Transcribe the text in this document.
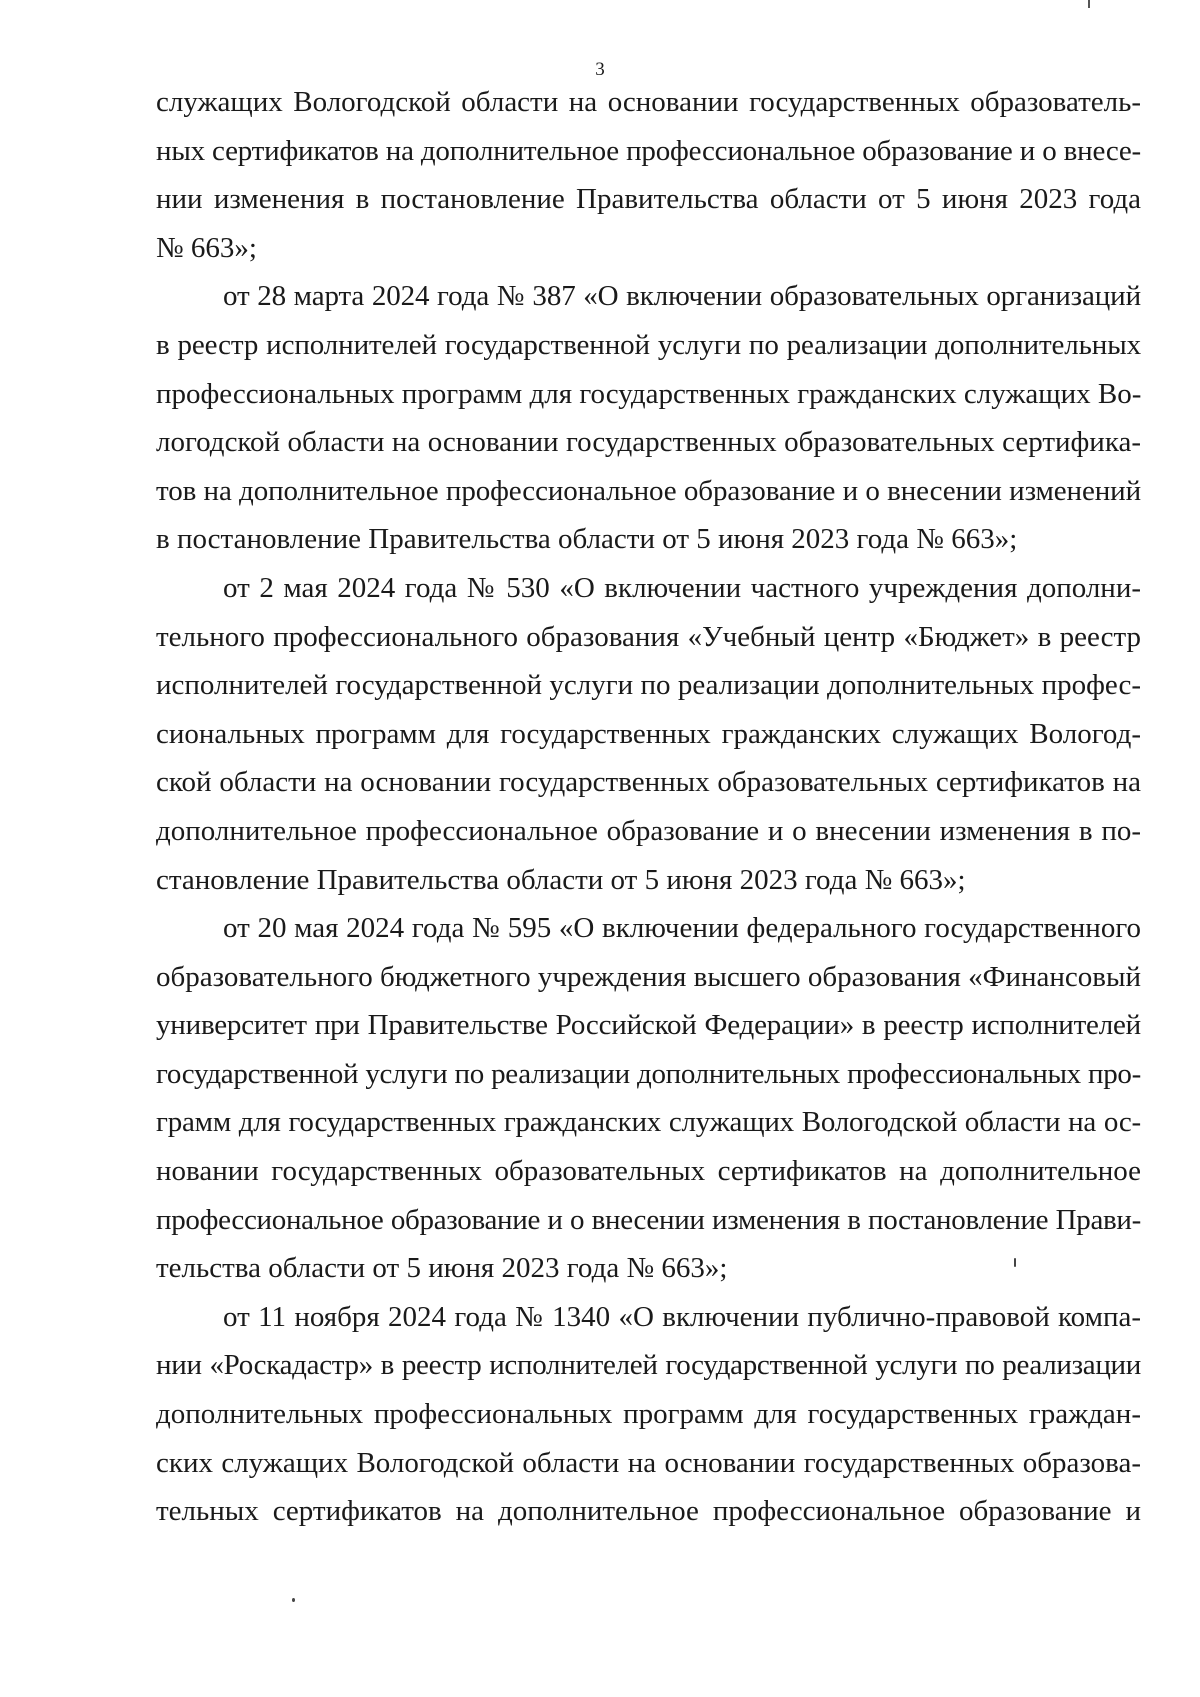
3

служащих Вологодской области на основании государственных образователь-
ных сертификатов на дополнительное профессиональное образование и о внесе-
нии изменения в постановление Правительства области от 5 июня 2023 года
№ 663»;

от 28 марта 2024 года № 387 «О включении образовательных организаций
в реестр исполнителей государственной услуги по реализации дополнительных
профессиональных программ для государственных гражданских служащих Во-
логодской области на основании государственных образовательных сертифика-
тов на дополнительное профессиональное образование и о внесении изменений
в постановление Правительства области от 5 июня 2023 года № 663»;

от 2 мая 2024 года № 530 «О включении частного учреждения дополни-
тельного профессионального образования «Учебный центр «Бюджет» в реестр
исполнителей государственной услуги по реализации дополнительных профес-
сиональных программ для государственных гражданских служащих Вологод-
ской области на основании государственных образовательных сертификатов на
дополнительное профессиональное образование и о внесении изменения в по-
становление Правительства области от 5 июня 2023 года № 663»;

от 20 мая 2024 года № 595 «О включении федерального государственного
образовательного бюджетного учреждения высшего образования «Финансовый
университет при Правительстве Российской Федерации» в реестр исполнителей
государственной услуги по реализации дополнительных профессиональных про-
грамм для государственных гражданских служащих Вологодской области на ос-
новании государственных образовательных сертификатов на дополнительное
профессиональное образование и о внесении изменения в постановление Прави-
тельства области от 5 июня 2023 года № 663»;

от 11 ноября 2024 года № 1340 «О включении публично-правовой компа-
нии «Роскадастр» в реестр исполнителей государственной услуги по реализации
дополнительных профессиональных программ для государственных граждан-
ских служащих Вологодской области на основании государственных образова-
тельных сертификатов на дополнительное профессиональное образование и
